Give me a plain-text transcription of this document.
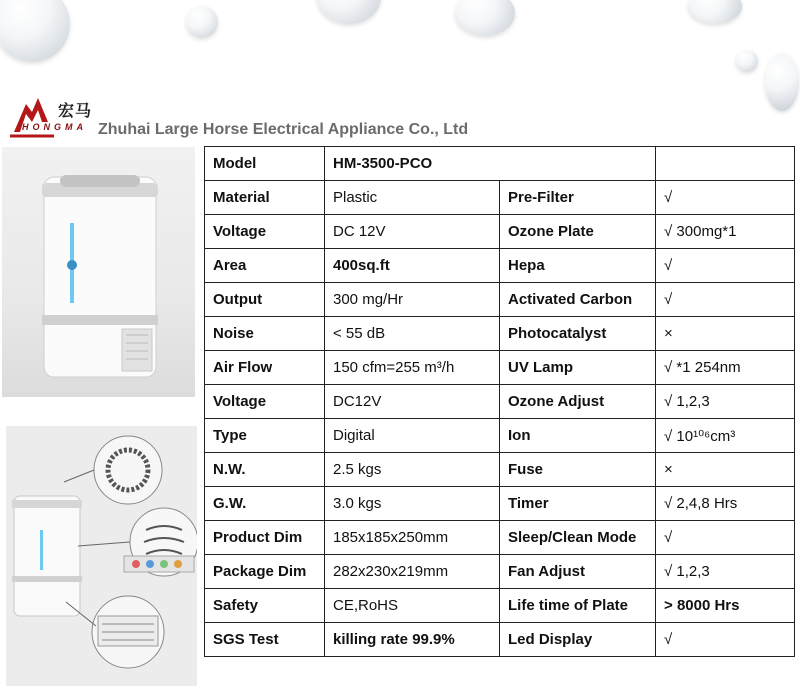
宏马
HONGMA Zhuhai Large Horse Electrical Appliance Co., Ltd
Model	HM-3500-PCO		
Material	Plastic	Pre-Filter	√
Voltage	DC 12V	Ozone Plate	√ 300mg*1
Area	400sq.ft	Hepa	√
Output	300 mg/Hr	Activated Carbon	√
Noise	< 55 dB	Photocatalyst	×
Air Flow	150 cfm=255 m³/h	UV Lamp	√ *1 254nm
Voltage	DC12V	Ozone Adjust	√ 1,2,3
Type	Digital	Ion	√ 10¹⁰⁶cm³
N.W.	2.5 kgs	Fuse	×
G.W.	3.0 kgs	Timer	√ 2,4,8 Hrs
Product Dim	185x185x250mm	Sleep/Clean Mode	√
Package Dim	282x230x219mm	Fan Adjust	√ 1,2,3
Safety	CE,RoHS	Life time of Plate	> 8000 Hrs
SGS Test	killing rate 99.9%	Led Display	√
